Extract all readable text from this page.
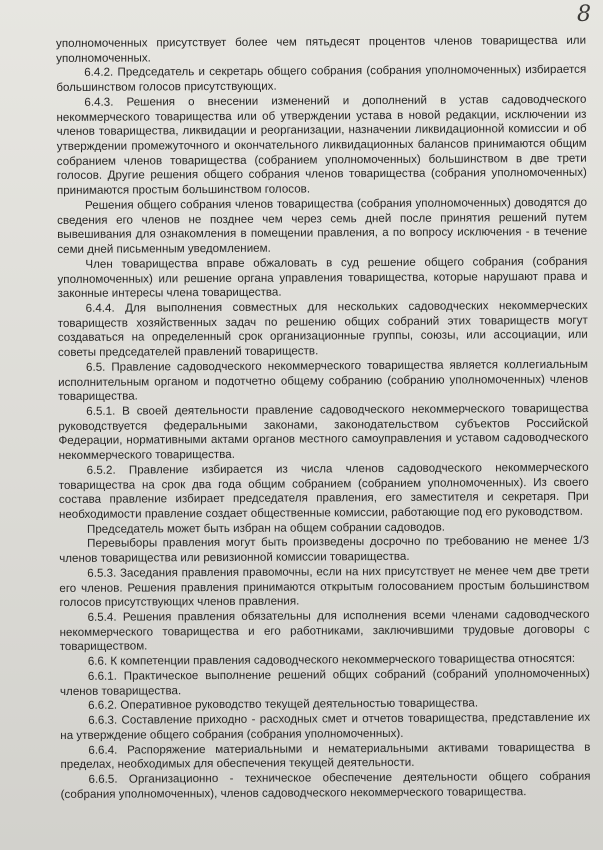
8

уполномоченных присутствует более чем пятьдесят процентов членов товарищества или уполномоченных.

6.4.2. Председатель и секретарь общего собрания (собрания уполномоченных) избирается большинством голосов присутствующих.

6.4.3. Решения о внесении изменений и дополнений в устав садоводческого некоммерческого товарищества или об утверждении устава в новой редакции, исключении из членов товарищества, ликвидации и реорганизации, назначении ликвидационной комиссии и об утверждении промежуточного и окончательного ликвидационных балансов принимаются общим собранием членов товарищества (собранием уполномоченных) большинством в две трети голосов. Другие решения общего собрания членов товарищества (собрания уполномоченных) принимаются простым большинством голосов.

Решения общего собрания членов товарищества (собрания уполномоченных) доводятся до сведения его членов не позднее чем через семь дней после принятия решений путем вывешивания для ознакомления в помещении правления, а по вопросу исключения - в течение семи дней письменным уведомлением.

Член товарищества вправе обжаловать в суд решение общего собрания (собрания уполномоченных) или решение органа управления товарищества, которые нарушают права и законные интересы члена товарищества.

6.4.4. Для выполнения совместных для нескольких садоводческих некоммерческих товариществ хозяйственных задач по решению общих собраний этих товариществ могут создаваться на определенный срок организационные группы, союзы, или ассоциации, или советы председателей правлений товариществ.

6.5. Правление садоводческого некоммерческого товарищества является коллегиальным исполнительным органом и подотчетно общему собранию (собранию уполномоченных) членов товарищества.

6.5.1. В своей деятельности правление садоводческого некоммерческого товарищества руководствуется федеральными законами, законодательством субъектов Российской Федерации, нормативными актами органов местного самоуправления и уставом садоводческого некоммерческого товарищества.

6.5.2. Правление избирается из числа членов садоводческого некоммерческого товарищества на срок два года общим собранием (собранием уполномоченных). Из своего состава правление избирает председателя правления, его заместителя и секретаря. При необходимости правление создает общественные комиссии, работающие под его руководством.

Председатель может быть избран на общем собрании садоводов.

Перевыборы правления могут быть произведены досрочно по требованию не менее 1/3 членов товарищества или ревизионной комиссии товарищества.

6.5.3. Заседания правления правомочны, если на них присутствует не менее чем две трети его членов. Решения правления принимаются открытым голосованием простым большинством голосов присутствующих членов правления.

6.5.4. Решения правления обязательны для исполнения всеми членами садоводческого некоммерческого товарищества и его работниками, заключившими трудовые договоры с товариществом.

6.6. К компетенции правления садоводческого некоммерческого товарищества относятся:

6.6.1. Практическое выполнение решений общих собраний (собраний уполномоченных) членов товарищества.

6.6.2. Оперативное руководство текущей деятельностью товарищества.

6.6.3. Составление приходно - расходных смет и отчетов товарищества, представление их на утверждение общего собрания (собрания уполномоченных).

6.6.4. Распоряжение материальными и нематериальными активами товарищества в пределах, необходимых для обеспечения текущей деятельности.

6.6.5. Организационно - техническое обеспечение деятельности общего собрания (собрания уполномоченных), членов садоводческого некоммерческого товарищества.
